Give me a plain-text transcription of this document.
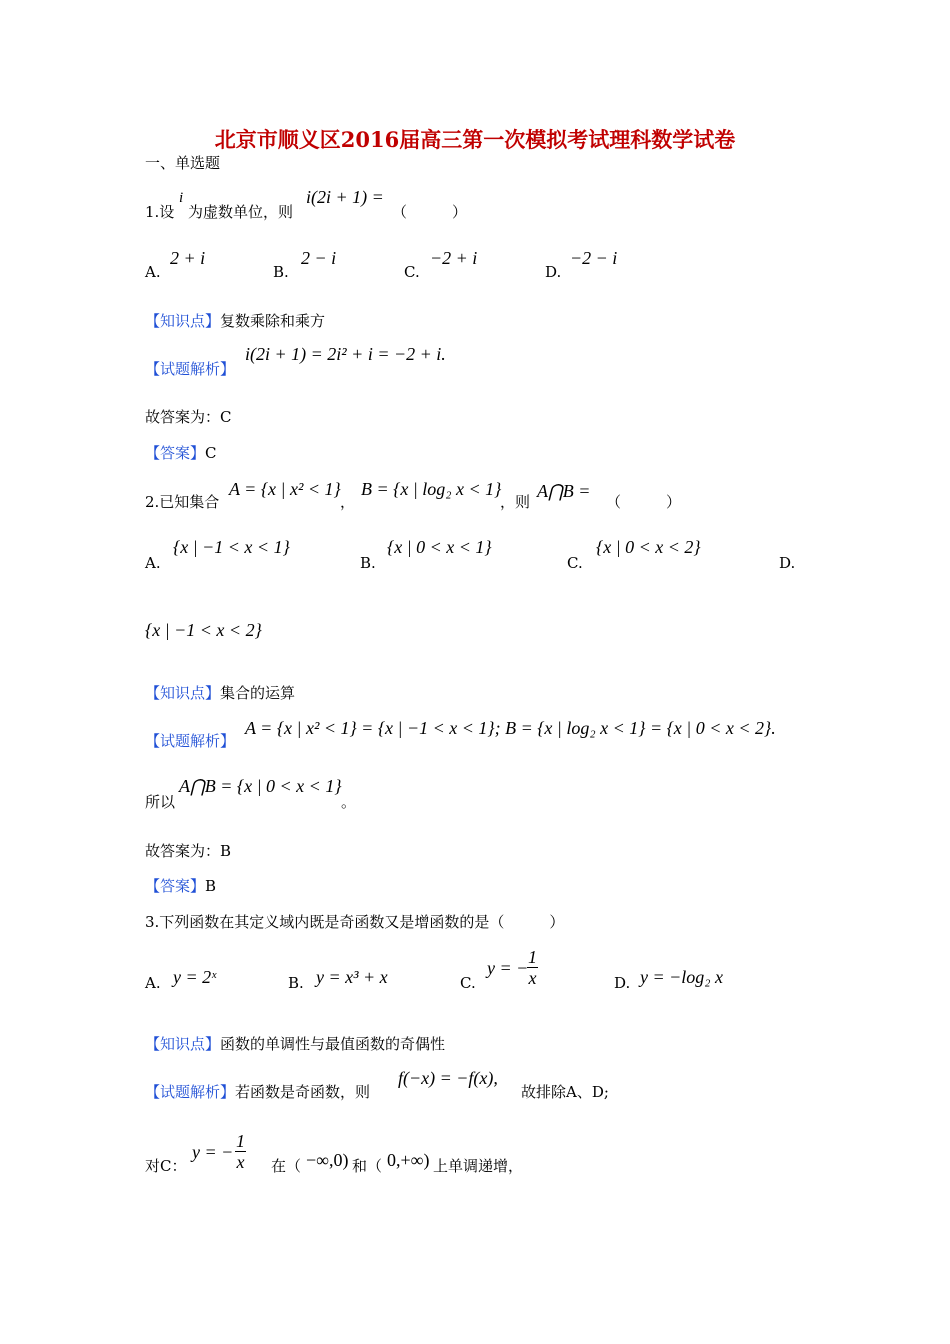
北京市顺义区2016届高三第一次模拟考试理科数学试卷
一、单选题
1.设
i
为虚数单位，则
i(2i + 1) =
（　　　）
A.
2 + i
B.
2 − i
C.
−2 + i
D.
−2 − i
【知识点】复数乘除和乘方
【试题解析】
i(2i + 1) = 2i² + i = −2 + i.
故答案为：C
【答案】C
2.已知集合
A = {x | x² < 1}
，
B = {x | log₂ x < 1}
，则
A⋂B =
（　　　）
A.
{x | −1 < x < 1}
B.
{x | 0 < x < 1}
C.
{x | 0 < x < 2}
D.
{x | −1 < x < 2}
【知识点】集合的运算
【试题解析】
A = {x | x² < 1} = {x | −1 < x < 1}; B = {x | log₂ x < 1} = {x | 0 < x < 2}.
所以
A⋂B = {x | 0 < x < 1}
。
故答案为：B
【答案】B
3.下列函数在其定义域内既是奇函数又是增函数的是（　　　）
A. y = 2ˣ	B. y = x³ + x	C.
y = −
$\frac{1}{x}$	D. y = −log₂ x
【知识点】函数的单调性与最值函数的奇偶性
【试题解析】若函数是奇函数，则
f(−x) = −f(x),
故排除A、D;
对C：
y = − $\frac{1}{x}$ 在（ −∞,0) 和（ 0,+∞) 上单调递增，
